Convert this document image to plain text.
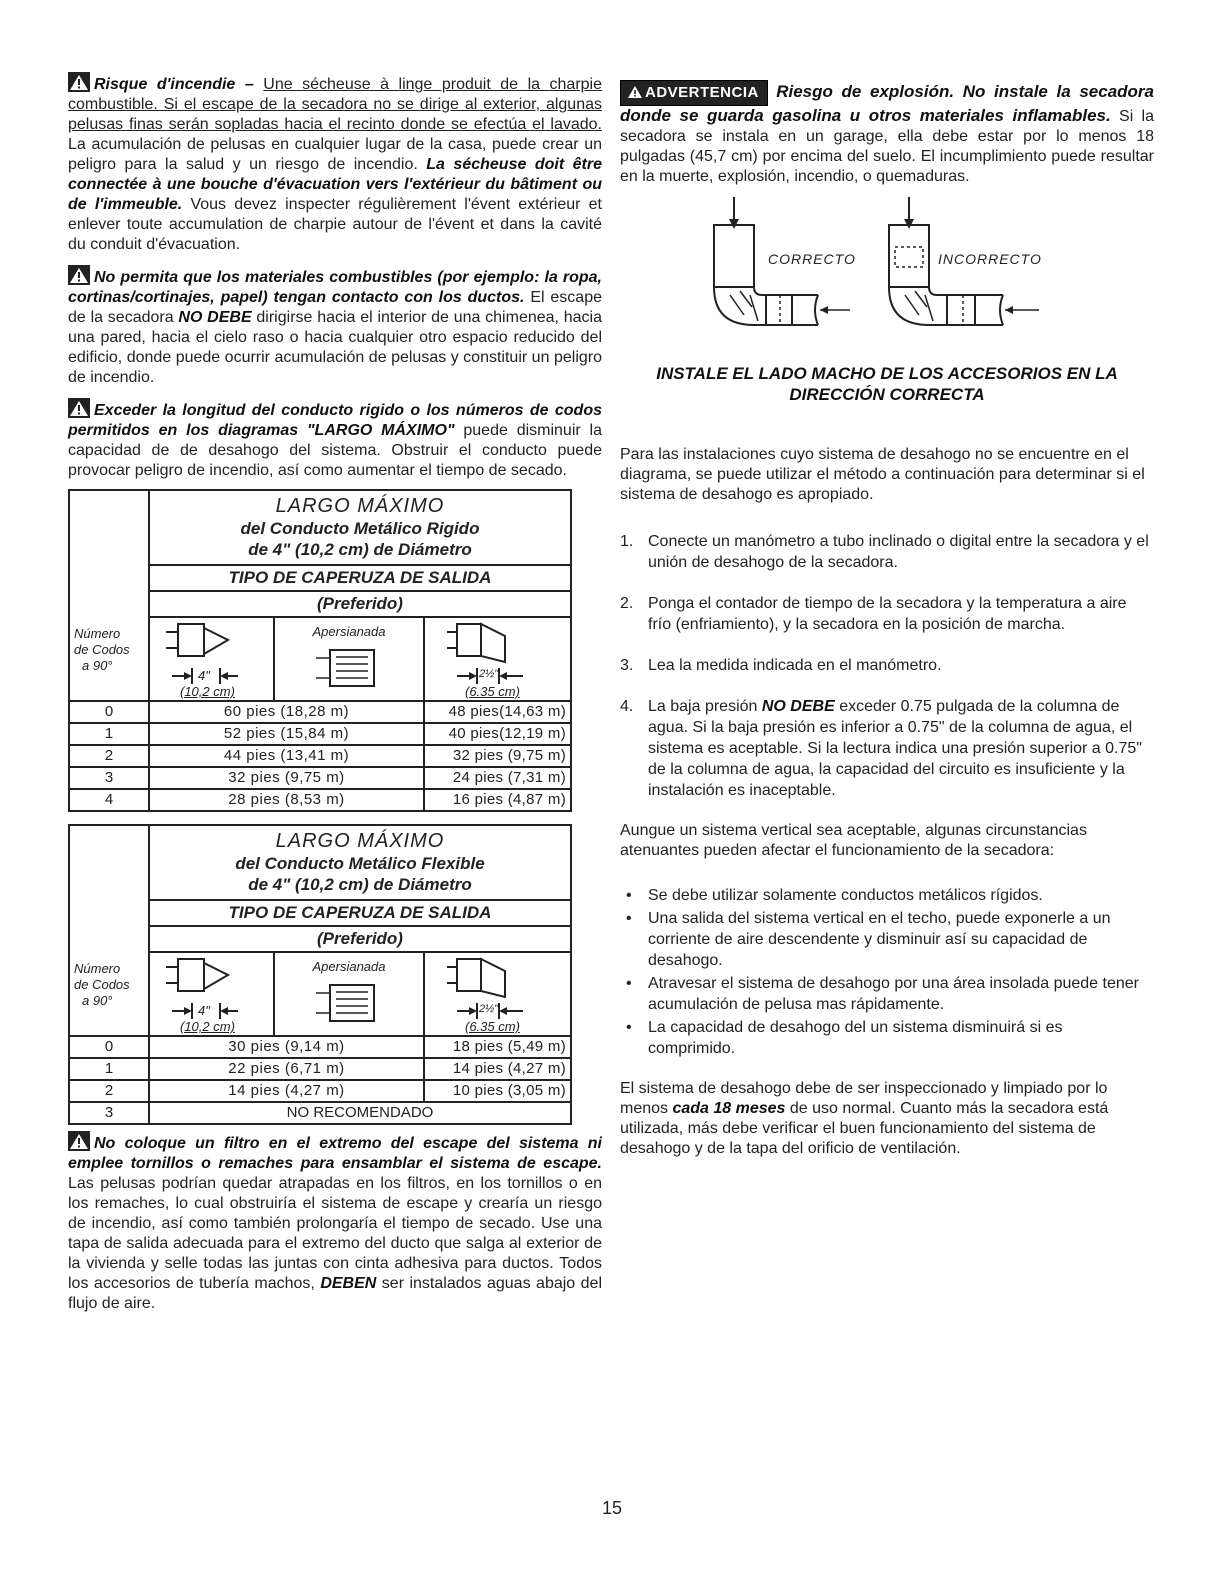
Risque d'incendie – Une sécheuse à linge produit de la charpie combustible. Si el escape de la secadora no se dirige al exterior, algunas pelusas finas serán sopladas hacia el recinto donde se efectúa el lavado. La acumulación de pelusas en cualquier lugar de la casa, puede crear un peligro para la salud y un riesgo de incendio. La sécheuse doit être connectée à une bouche d'évacuation vers l'extérieur du bâtiment ou de l'immeuble. Vous devez inspecter régulièrement l'évent extérieur et enlever toute accumulation de charpie autour de l'évent et dans la cavité du conduit d'évacuation.

No permita que los materiales combustibles (por ejemplo: la ropa, cortinas/cortinajes, papel) tengan contacto con los ductos. El escape de la secadora NO DEBE dirigirse hacia el interior de una chimenea, hacia una pared, hacia el cielo raso o hacia cualquier otro espacio reducido del edificio, donde puede ocurrir acumulación de pelusas y constituir un peligro de incendio.

Exceder la longitud del conducto rigido o los números de codos permitidos en los diagramas "LARGO MÁXIMO" puede disminuir la capacidad de de desahogo del sistema. Obstruir el conducto puede provocar peligro de incendio, así como aumentar el tiempo de secado.

Número
de Codos
a 90°
LARGO MÁXIMO
del Conducto Metálico Rigido
de 4" (10,2 cm) de Diámetro
TIPO DE CAPERUZA DE SALIDA
(Preferido)
4"
(10,2 cm)
Apersianada
2½"
(6.35 cm)
0	60 pies (18,28 m)	48 pies(14,63 m)
1	52 pies (15,84 m)	40 pies(12,19 m)
2	44 pies (13,41 m)	32 pies (9,75 m)
3	32 pies (9,75 m)	24 pies (7,31 m)
4	28 pies (8,53 m)	16 pies (4,87 m)
Número
de Codos
a 90°
LARGO MÁXIMO
del Conducto Metálico Flexible
de 4" (10,2 cm) de Diámetro
TIPO DE CAPERUZA DE SALIDA
(Preferido)
4"
(10,2 cm)
Apersianada
2½"
(6.35 cm)
0	30 pies (9,14 m)	18 pies (5,49 m)
1	22 pies (6,71 m)	14 pies (4,27 m)
2	14 pies (4,27 m)	10 pies (3,05 m)
3	NO RECOMENDADO

No coloque un filtro en el extremo del escape del sistema ni emplee tornillos o remaches para ensamblar el sistema de escape. Las pelusas podrían quedar atrapadas en los filtros, en los tornillos o en los remaches, lo cual obstruiría el sistema de escape y crearía un riesgo de incendio, así como también prolongaría el tiempo de secado. Use una tapa de salida adecuada para el extremo del ducto que salga al exterior de la vivienda y selle todas las juntas con cinta adhesiva para ductos. Todos los accesorios de tubería machos, DEBEN ser instalados aguas abajo del flujo de aire.

ADVERTENCIA Riesgo de explosión. No instale la secadora donde se guarda gasolina u otros materiales inflamables. Si la secadora se instala en un garage, ella debe estar por lo menos 18 pulgadas (45,7 cm) por encima del suelo. El incumplimiento puede resultar en la muerte, explosión, incendio, o quemaduras.

CORRECTO	INCORRECTO
INSTALE EL LADO MACHO DE LOS ACCESORIOS EN LA
DIRECCIÓN CORRECTA

Para las instalaciones cuyo sistema de desahogo no se encuentre en el diagrama, se puede utilizar el método a continuación para determinar si el sistema de desahogo es apropiado.

1. Conecte un manómetro a tubo inclinado o digital entre la secadora y el unión de desahogo de la secadora.
2. Ponga el contador de tiempo de la secadora y la temperatura a aire frío (enfriamiento), y la secadora en la posición de marcha.
3. Lea la medida indicada en el manómetro.
4. La baja presión NO DEBE exceder 0.75 pulgada de la columna de agua. Si la baja presión es inferior a 0.75" de la columna de agua, el sistema es aceptable. Si la lectura indica una presión superior a 0.75" de la columna de agua, la capacidad del circuito es insuficiente y la instalación es inaceptable.

Aungue un sistema vertical sea aceptable, algunas circunstancias atenuantes pueden afectar el funcionamiento de la secadora:

• Se debe utilizar solamente conductos metálicos rígidos.
• Una salida del sistema vertical en el techo, puede exponerle a un corriente de aire descendente y disminuir así su capacidad de desahogo.
• Atravesar el sistema de desahogo por una área insolada puede tener acumulación de pelusa mas rápidamente.
• La capacidad de desahogo del un sistema disminuirá si es comprimido.

El sistema de desahogo debe de ser inspeccionado y limpiado por lo menos cada 18 meses de uso normal. Cuanto más la secadora está utilizada, más debe verificar el buen funcionamiento del sistema de desahogo y de la tapa del orificio de ventilación.

15
